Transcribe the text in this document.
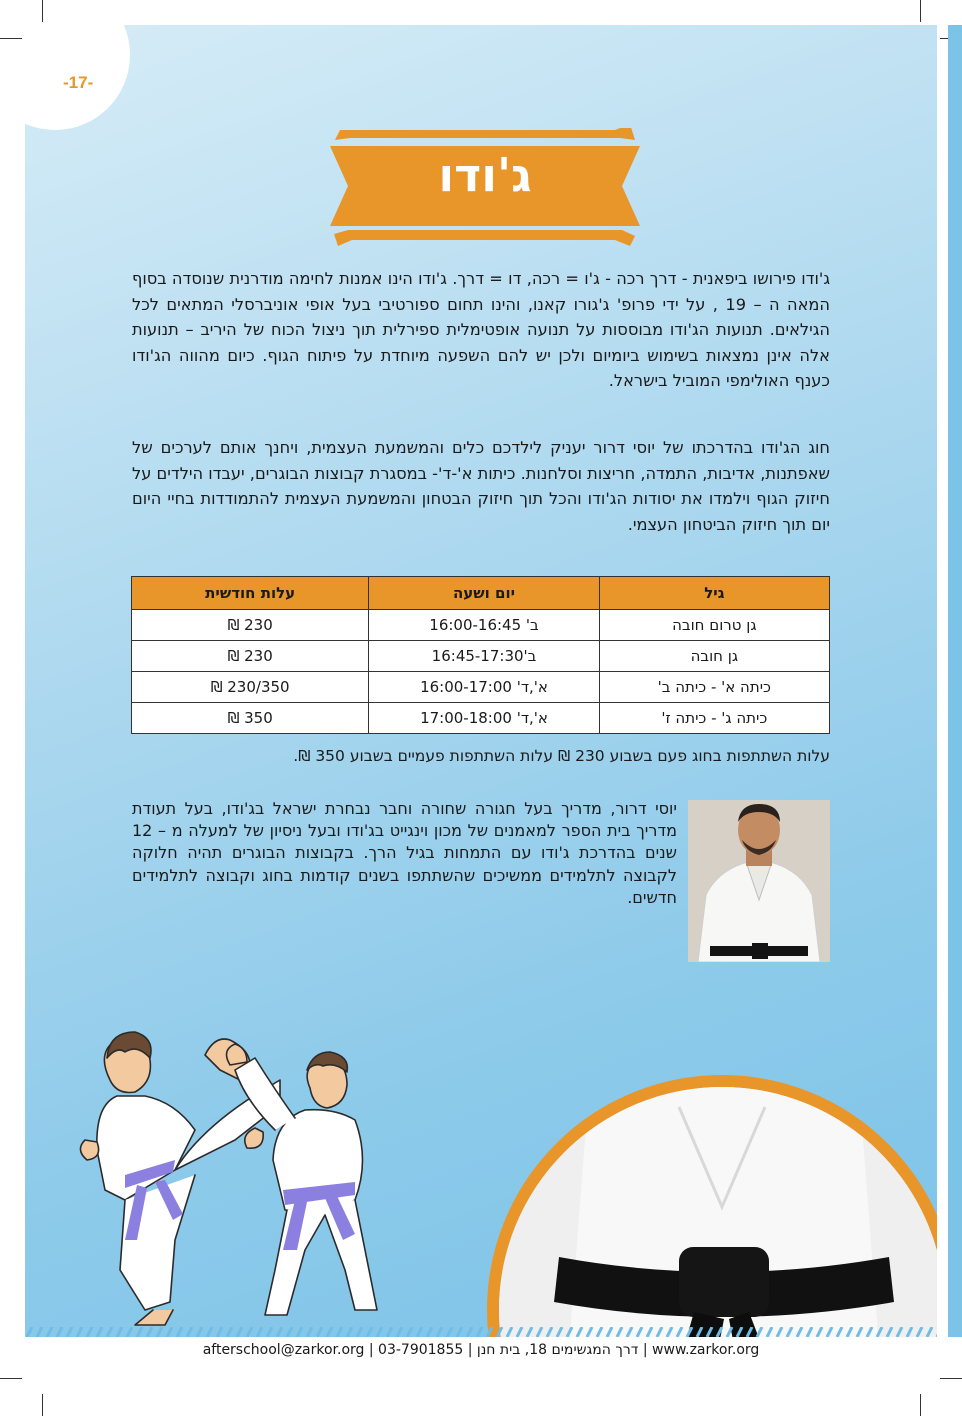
-17-
ג'ודו
ג'ודו פירושו ביפאנית - דרך רכה - ג'ו = רכה, דו = דרך. ג'ודו הינו אמנות לחימה מודרנית שנוסדה בסוף המאה ה – 19 , על ידי פרופ' ג'גורו קאנו, והינו תחום ספורטיבי בעל אופי אוניברסלי המתאים לכל הגילאים. תנועות הג'ודו מבוססות על תנועה אופטימלית ספירלית תוך ניצול הכוח של היריב – תנועות אלה אינן נמצאות בשימוש ביומיום ולכן יש להם השפעה מיוחדת על פיתוח הגוף. כיום מהווה הג'ודו כענף האולימפי המוביל בישראל.
חוג הג'ודו בהדרכתו של יוסי דרור יעניק לילדכם כלים והמשמעת העצמית, ויחנך אותם לערכים של שאפתנות, אדיבות, התמדה, חריצות וסלחנות. כיתות א'-ד'- במסגרת קבוצות הבוגרים, יעבדו הילדים על חיזוק הגוף וילמדו את יסודות הג'ודו והכל תוך חיזוק הבטחון והמשמעת העצמית להתמודדות בחיי היום יום תוך חיזוק הביטחון העצמי.
גיל	יום ושעה	עלות חודשית
גן טרום חובה	ב' 16:00-16:45	230 ₪
גן חובה	ב'16:45-17:30	230 ₪
כיתה א' - כיתה ב'	א',ד' 16:00-17:00	230/350 ₪
כיתה ג' - כיתה ז'	א',ד' 17:00-18:00	350 ₪
עלות השתתפות בחוג פעם בשבוע 230 ₪ עלות השתתפות פעמיים בשבוע 350 ₪.
יוסי דרור, מדריך בעל חגורה שחורה וחבר נבחרת ישראל בג'ודו, בעל תעודת מדריך בית הספר למאמנים של מכון וינגייט בג'ודו ובעל ניסיון של למעלה מ – 12 שנים בהדרכת ג'ודו עם התמחות בגיל הרך. בקבוצות הבוגרים תהיה חלוקה לקבוצה לתלמידים ממשיכים שהשתתפו בשנים קודמות בחוג וקבוצה לתלמידים חדשים.
afterschool@zarkor.org | 03-7901855 | דרך המגשימים 18, בית חנן | www.zarkor.org
